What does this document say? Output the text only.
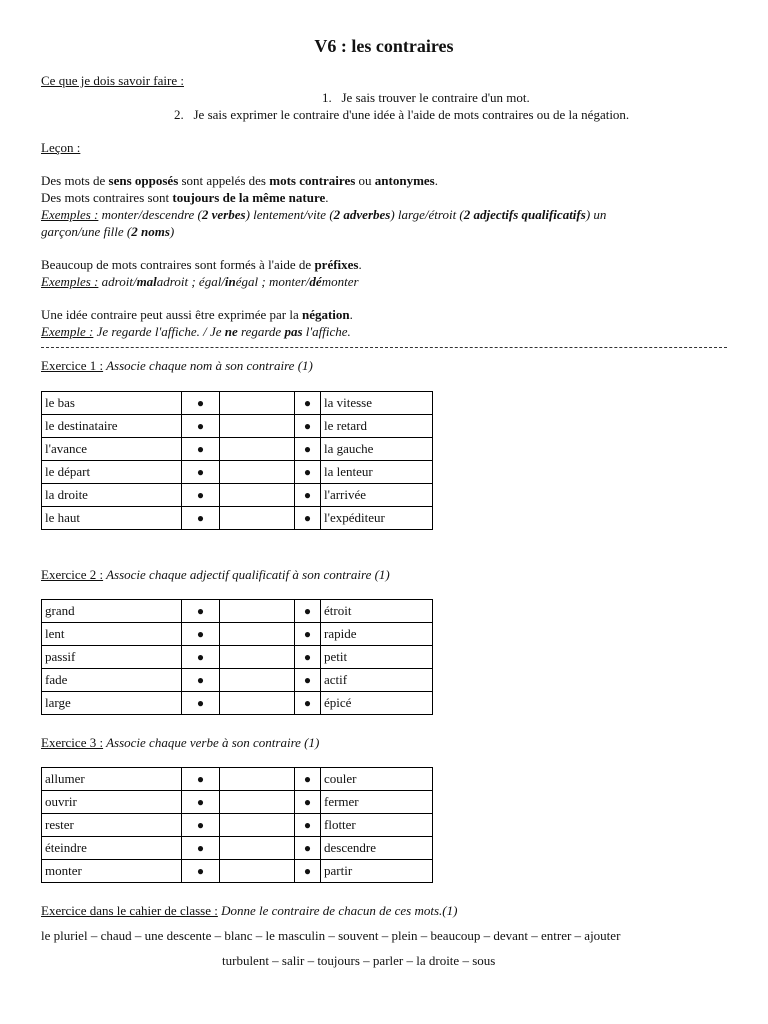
V6 : les contraires
Ce que je dois savoir faire :
1. Je sais trouver le contraire d'un mot.
2. Je sais exprimer le contraire d'une idée à l'aide de mots contraires ou de la négation.
Leçon :
Des mots de sens opposés sont appelés des mots contraires ou antonymes.
Des mots contraires sont toujours de la même nature.
Exemples : monter/descendre (2 verbes) lentement/vite (2 adverbes) large/étroit (2 adjectifs qualificatifs) un
garçon/une fille (2 noms)
Beaucoup de mots contraires sont formés à l'aide de préfixes.
Exemples : adroit/maladroit ; égal/inégal ; monter/démonter
Une idée contraire peut aussi être exprimée par la négation.
Exemple : Je regarde l'affiche. / Je ne regarde pas l'affiche.
Exercice 1 : Associe chaque nom à son contraire (1)
le bas	●		●	la vitesse
le destinataire	●		●	le retard
l'avance	●		●	la gauche
le départ	●		●	la lenteur
la droite	●		●	l'arrivée
le haut	●		●	l'expéditeur
Exercice 2 : Associe chaque adjectif qualificatif à son contraire (1)
grand	●		●	étroit
lent	●		●	rapide
passif	●		●	petit
fade	●		●	actif
large	●		●	épicé
Exercice 3 : Associe chaque verbe à son contraire (1)
allumer	●		●	couler
ouvrir	●		●	fermer
rester	●		●	flotter
éteindre	●		●	descendre
monter	●		●	partir
Exercice dans le cahier de classe : Donne le contraire de chacun de ces mots.(1)
le pluriel – chaud – une descente – blanc – le masculin – souvent – plein – beaucoup – devant – entrer – ajouter
turbulent – salir – toujours – parler – la droite – sous
